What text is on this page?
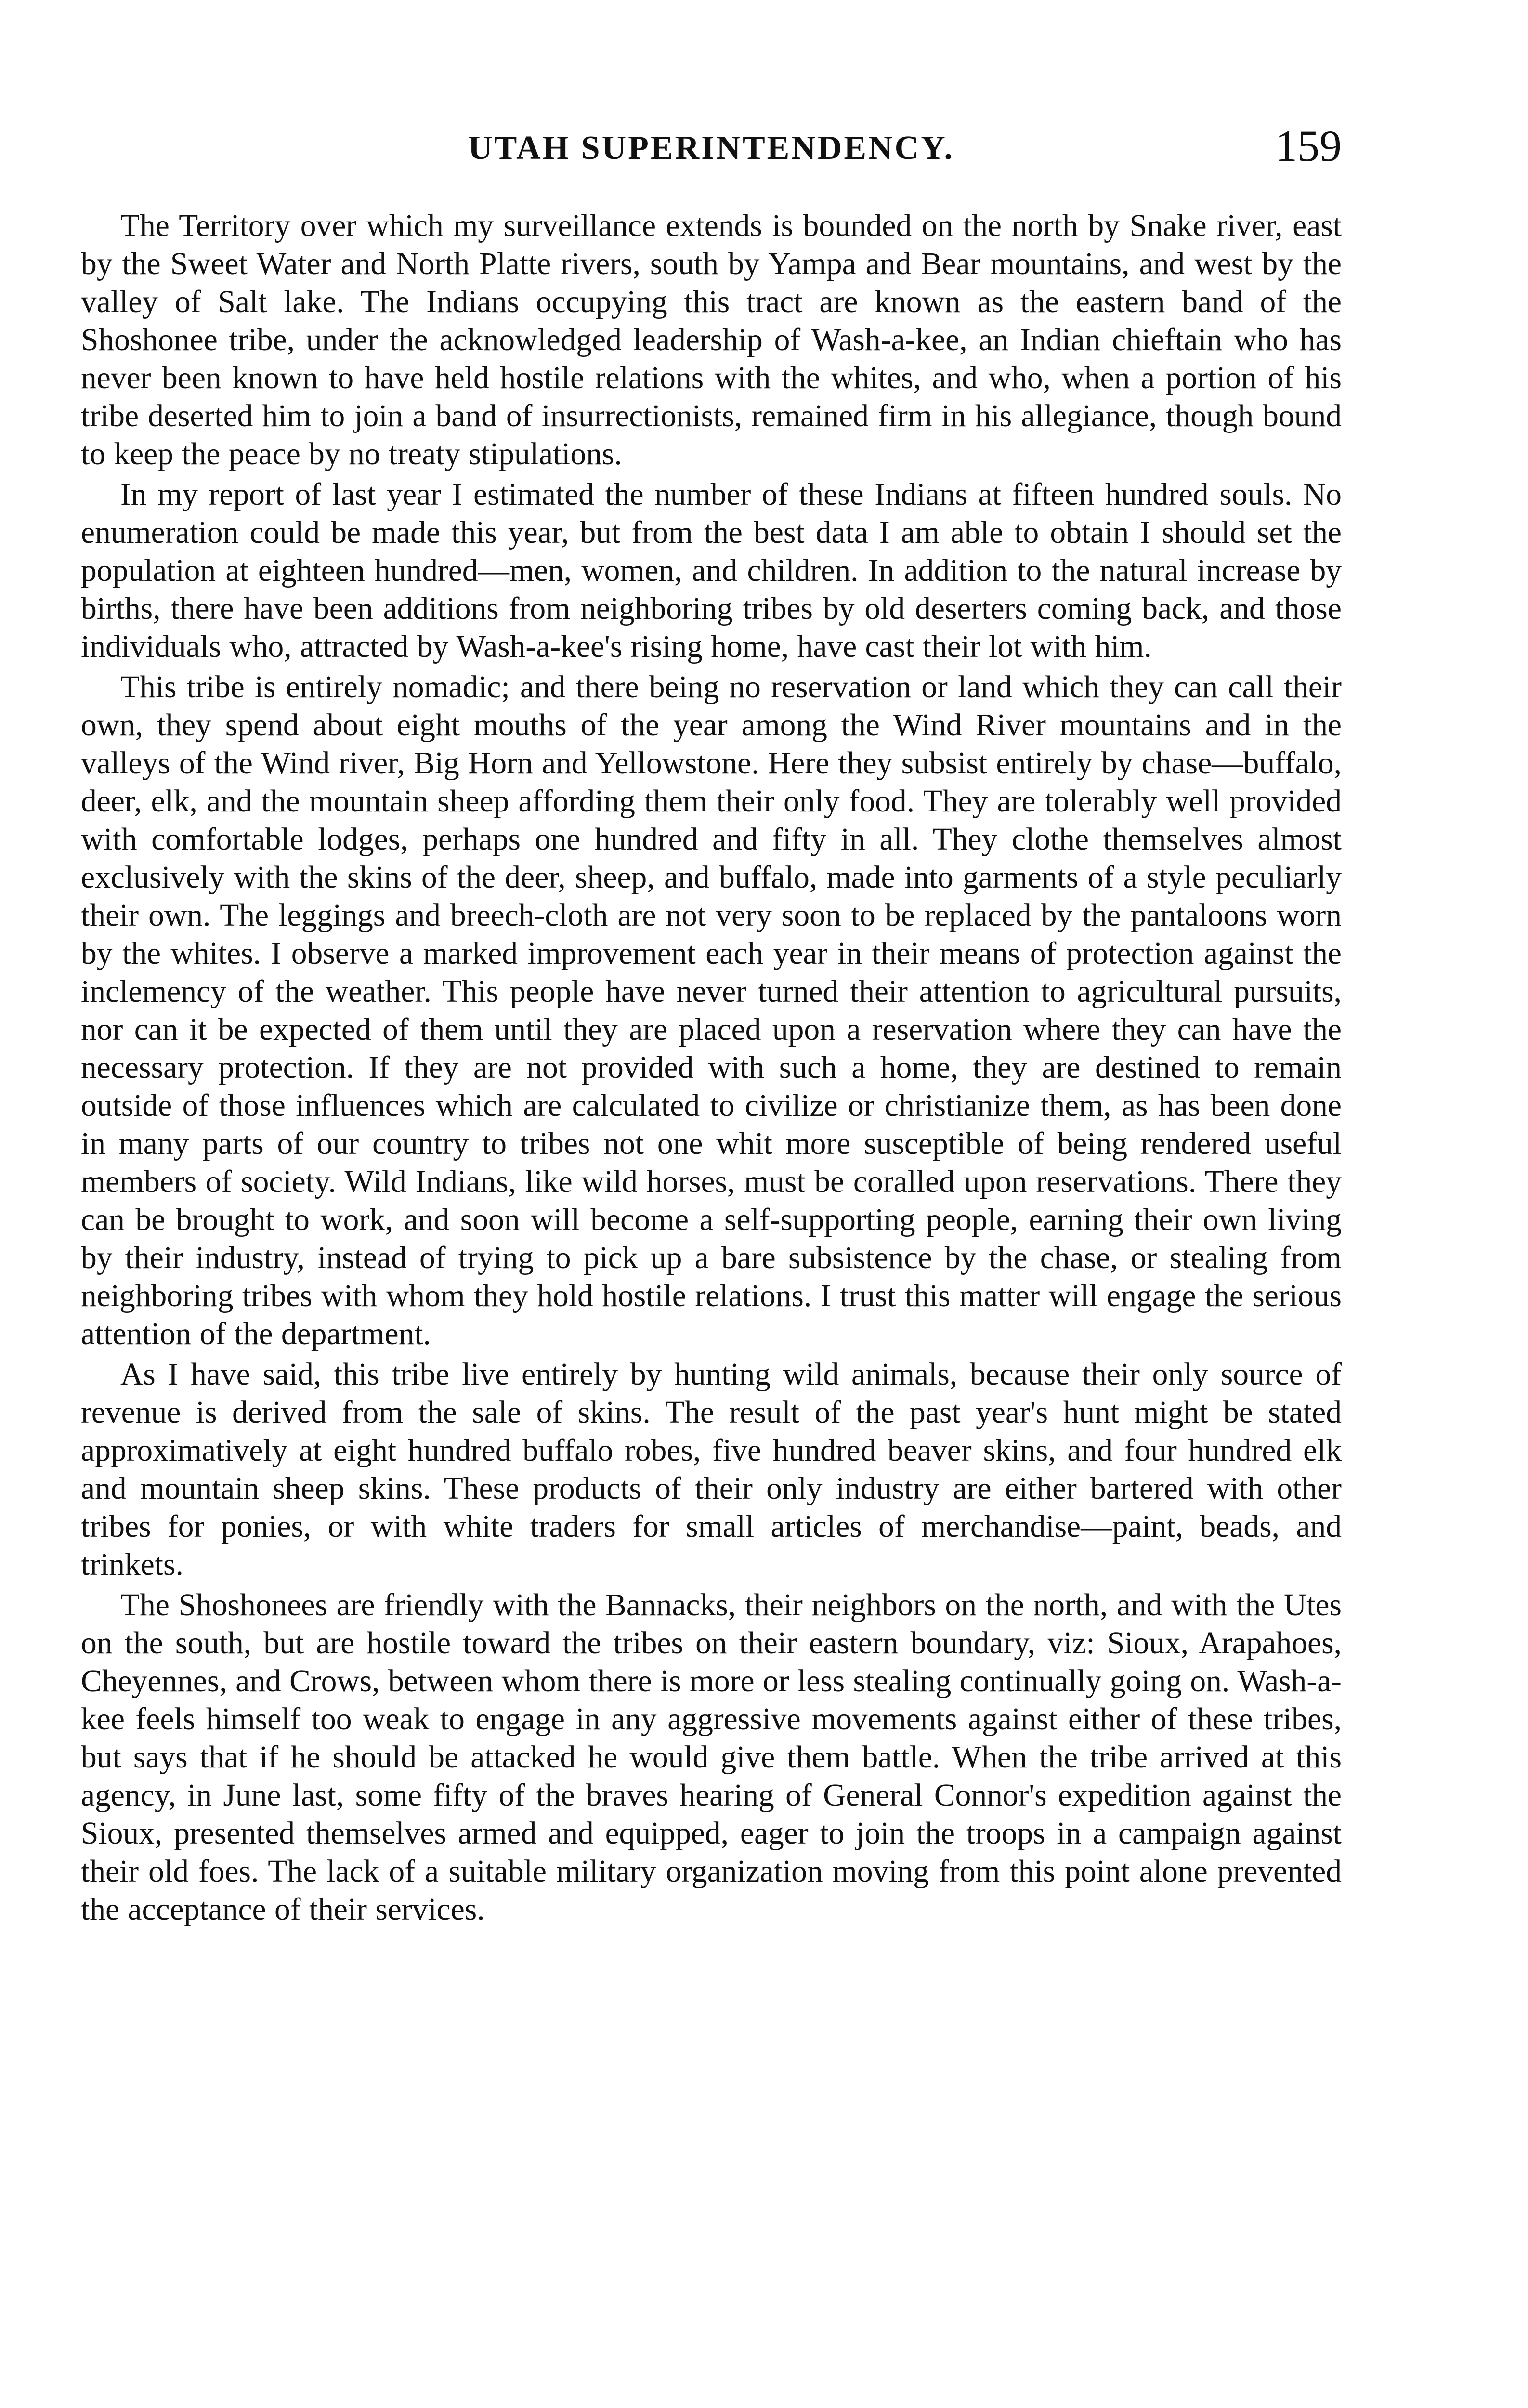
UTAH SUPERINTENDENCY.	159

The Territory over which my surveillance extends is bounded on the north by Snake river, east by the Sweet Water and North Platte rivers, south by Yampa and Bear mountains, and west by the valley of Salt lake. The Indians occupying this tract are known as the eastern band of the Shoshonee tribe, under the acknowledged leadership of Wash-a-kee, an Indian chieftain who has never been known to have held hostile relations with the whites, and who, when a portion of his tribe deserted him to join a band of insurrectionists, remained firm in his allegiance, though bound to keep the peace by no treaty stipulations.

In my report of last year I estimated the number of these Indians at fifteen hundred souls. No enumeration could be made this year, but from the best data I am able to obtain I should set the population at eighteen hundred—men, women, and children. In addition to the natural increase by births, there have been additions from neighboring tribes by old deserters coming back, and those individuals who, attracted by Wash-a-kee's rising home, have cast their lot with him.

This tribe is entirely nomadic; and there being no reservation or land which they can call their own, they spend about eight mouths of the year among the Wind River mountains and in the valleys of the Wind river, Big Horn and Yellowstone. Here they subsist entirely by chase—buffalo, deer, elk, and the mountain sheep affording them their only food. They are tolerably well provided with comfortable lodges, perhaps one hundred and fifty in all. They clothe themselves almost exclusively with the skins of the deer, sheep, and buffalo, made into garments of a style peculiarly their own. The leggings and breech-cloth are not very soon to be replaced by the pantaloons worn by the whites. I observe a marked improvement each year in their means of protection against the inclemency of the weather. This people have never turned their attention to agricultural pursuits, nor can it be expected of them until they are placed upon a reservation where they can have the necessary protection. If they are not provided with such a home, they are destined to remain outside of those influences which are calculated to civilize or christianize them, as has been done in many parts of our country to tribes not one whit more susceptible of being rendered useful members of society. Wild Indians, like wild horses, must be coralled upon reservations. There they can be brought to work, and soon will become a self-supporting people, earning their own living by their industry, instead of trying to pick up a bare subsistence by the chase, or stealing from neighboring tribes with whom they hold hostile relations. I trust this matter will engage the serious attention of the department.

As I have said, this tribe live entirely by hunting wild animals, because their only source of revenue is derived from the sale of skins. The result of the past year's hunt might be stated approximatively at eight hundred buffalo robes, five hundred beaver skins, and four hundred elk and mountain sheep skins. These products of their only industry are either bartered with other tribes for ponies, or with white traders for small articles of merchandise—paint, beads, and trinkets.

The Shoshonees are friendly with the Bannacks, their neighbors on the north, and with the Utes on the south, but are hostile toward the tribes on their eastern boundary, viz: Sioux, Arapahoes, Cheyennes, and Crows, between whom there is more or less stealing continually going on. Wash-a-kee feels himself too weak to engage in any aggressive movements against either of these tribes, but says that if he should be attacked he would give them battle. When the tribe arrived at this agency, in June last, some fifty of the braves hearing of General Connor's expedition against the Sioux, presented themselves armed and equipped, eager to join the troops in a campaign against their old foes. The lack of a suitable military organization moving from this point alone prevented the acceptance of their services.
